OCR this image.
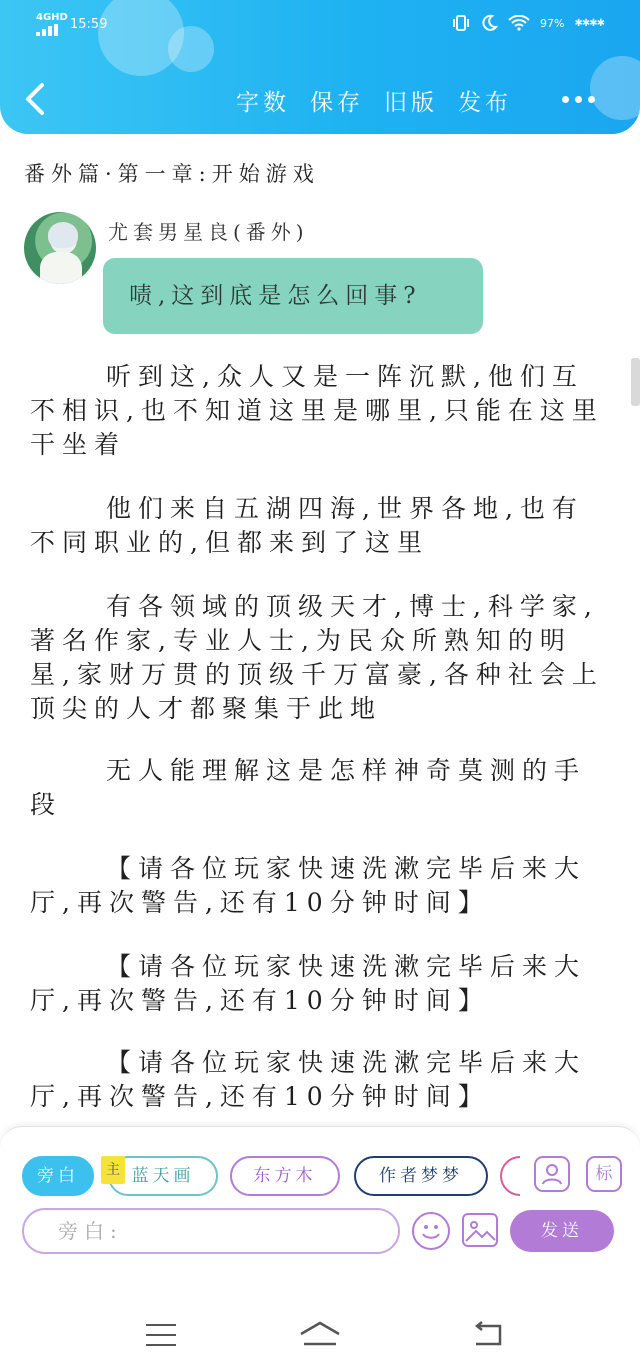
4GHD 15:59	97% ✱✱✱✱
字数 保存 旧版 发布
番外篇·第一章:开始游戏
尤套男星良(番外)
啧,这到底是怎么回事?

听到这,众人又是一阵沉默,他们互不相识,也不知道这里是哪里,只能在这里干坐着

他们来自五湖四海,世界各地,也有不同职业的,但都来到了这里

有各领域的顶级天才,博士,科学家,著名作家,专业人士,为民众所熟知的明星,家财万贯的顶级千万富豪,各种社会上顶尖的人才都聚集于此地

无人能理解这是怎样神奇莫测的手段

【请各位玩家快速洗漱完毕后来大厅,再次警告,还有10分钟时间】

【请各位玩家快速洗漱完毕后来大厅,再次警告,还有10分钟时间】

【请各位玩家快速洗漱完毕后来大厅,再次警告,还有10分钟时间】

旁白	主 蓝天画	东方木	作者梦梦	标
旁白:	发送
